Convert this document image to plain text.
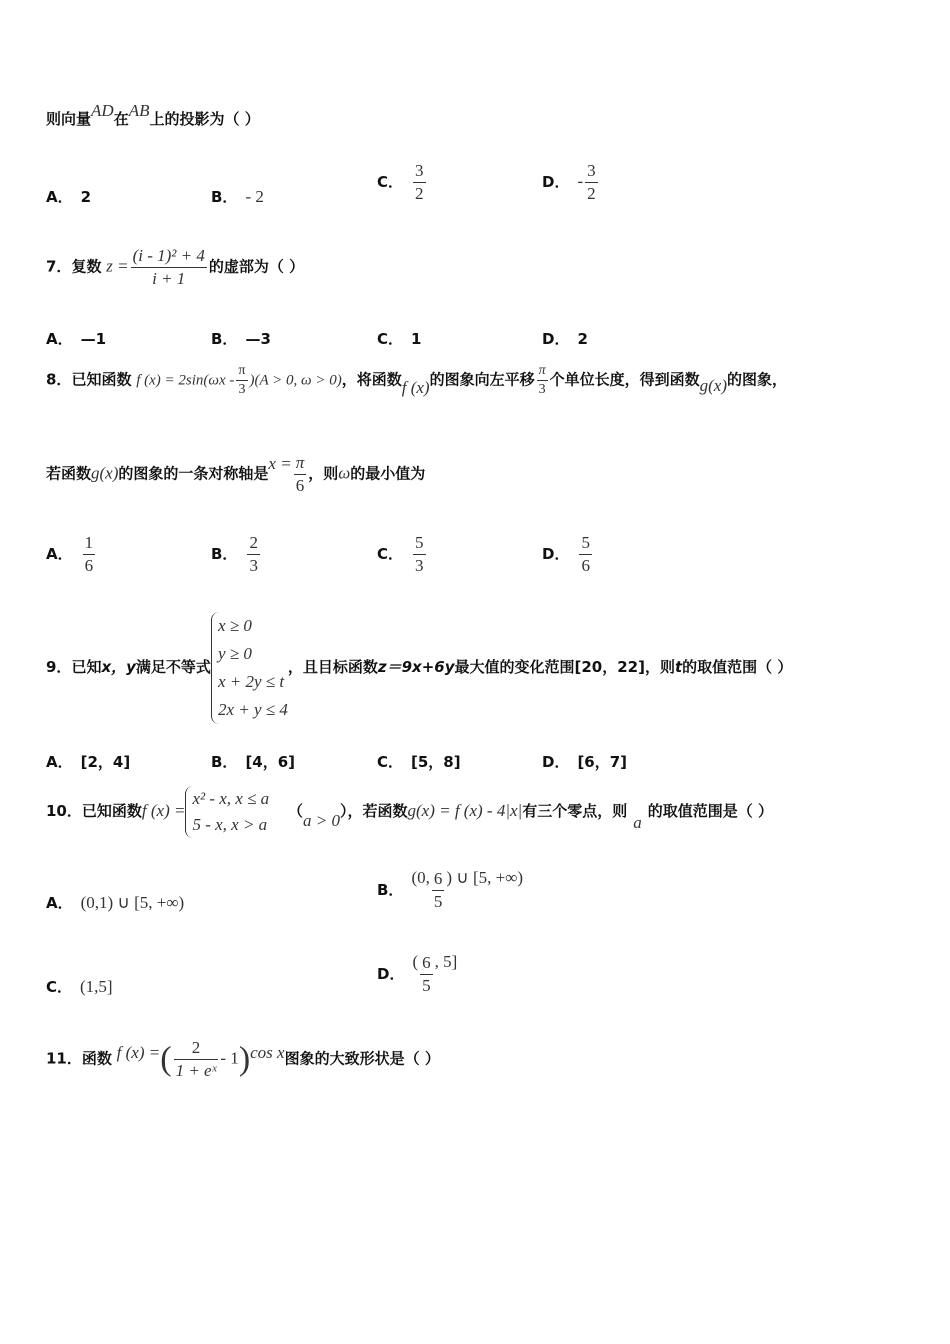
则向量AD在AB上的投影为（ ）
A． 2	B． - 2
C． $\frac{3}{2}$	D． - $\frac{3}{2}$
7．复数 $z = \frac{\text{(i - 1)² + 4}}{i + 1}$ 的虚部为（ ）
A． —1	B． —3	C． 1	D． 2
8．已知函数 f $(x) = 2\sin(\omega x - \frac{\pi}{3} )(A > 0$, ω > 0)，将函数f (x)的图象向左平移 $\frac{\pi}{3}$ 个单位长度，得到函数g(x)的图象，
若函数g(x)的图象的一条对称轴是$x = \frac{\pi}{6}$ ，则ω的最小值为
A． $\frac{1}{6}$	B． $\frac{2}{3}$	C． $\frac{5}{3}$	D． $\frac{5}{6}$
9．已知x，y满足不等式
x ≥ 0
y ≥ 0
x + 2y ≤ t
2x + y ≤ 4
，且目标函数z＝9x+6y最大值的变化范围[20，22]，则t的取值范围（ ）
A． [2，4]	B． [4，6]	C． [5，8]	D． [6，7]
10．已知函数f (x) =
x² - x, x ≤ a
5 - x, x > a
（a > 0），若函数g(x) = f (x) - 4|x|有三个零点，则a的取值范围是（ ）
A． (0,1) ∪ [5, +∞)
B．(0, $\frac{6}{5}$ ) ∪ [5, +∞)
C． (1,5]
D．( $\frac{6}{5}$ , 5]
11．函数 f (x) =( $\frac{2}{\text{1 + eˣ}} - 1)\cos$ x图象的大致形状是（ ）
